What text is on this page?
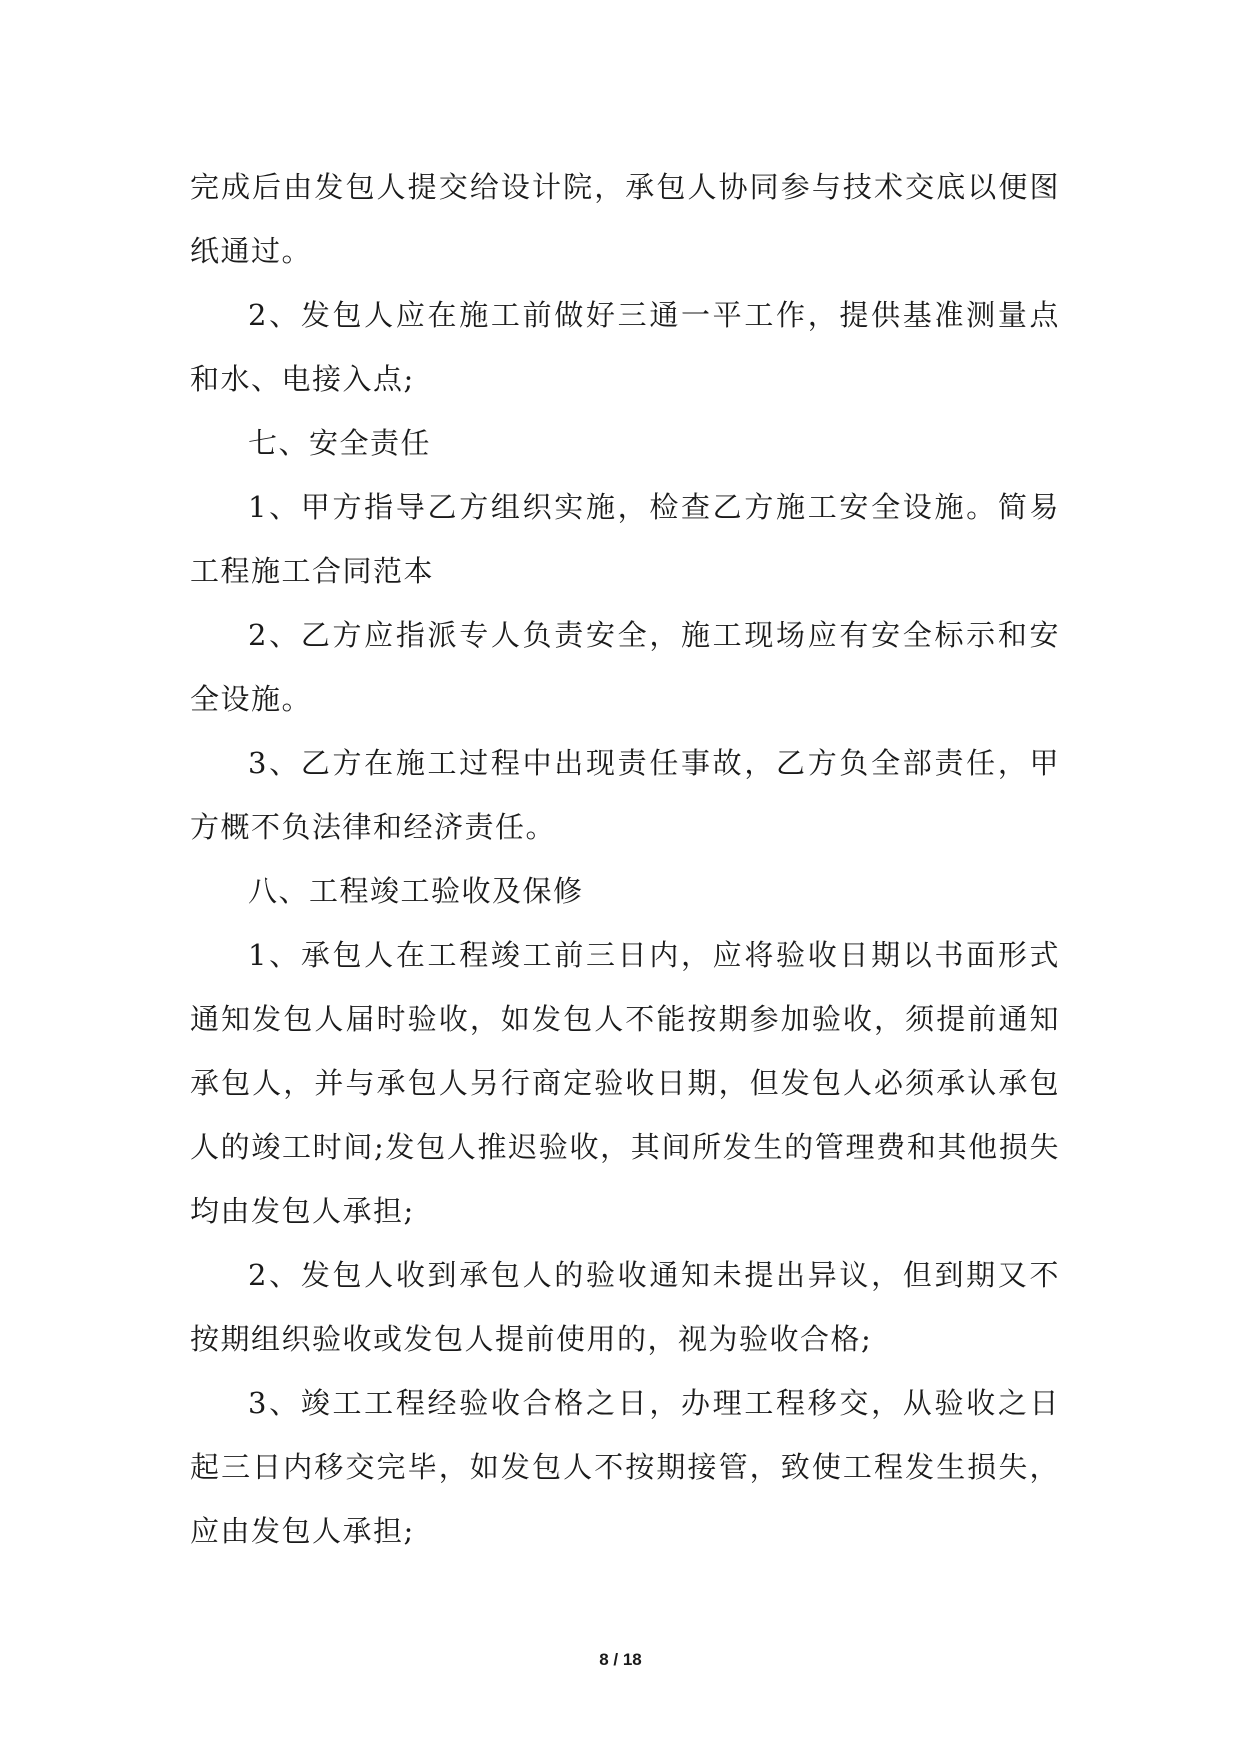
完成后由发包人提交给设计院，承包人协同参与技术交底以便图纸通过。

2、发包人应在施工前做好三通一平工作，提供基准测量点和水、电接入点;

七、安全责任

1、甲方指导乙方组织实施，检查乙方施工安全设施。简易工程施工合同范本

2、乙方应指派专人负责安全，施工现场应有安全标示和安全设施。

3、乙方在施工过程中出现责任事故，乙方负全部责任，甲方概不负法律和经济责任。

八、工程竣工验收及保修

1、承包人在工程竣工前三日内，应将验收日期以书面形式通知发包人届时验收，如发包人不能按期参加验收，须提前通知承包人，并与承包人另行商定验收日期，但发包人必须承认承包人的竣工时间;发包人推迟验收，其间所发生的管理费和其他损失均由发包人承担;

2、发包人收到承包人的验收通知未提出异议，但到期又不按期组织验收或发包人提前使用的，视为验收合格;

3、竣工工程经验收合格之日，办理工程移交，从验收之日起三日内移交完毕，如发包人不按期接管，致使工程发生损失，应由发包人承担;

8 / 18
